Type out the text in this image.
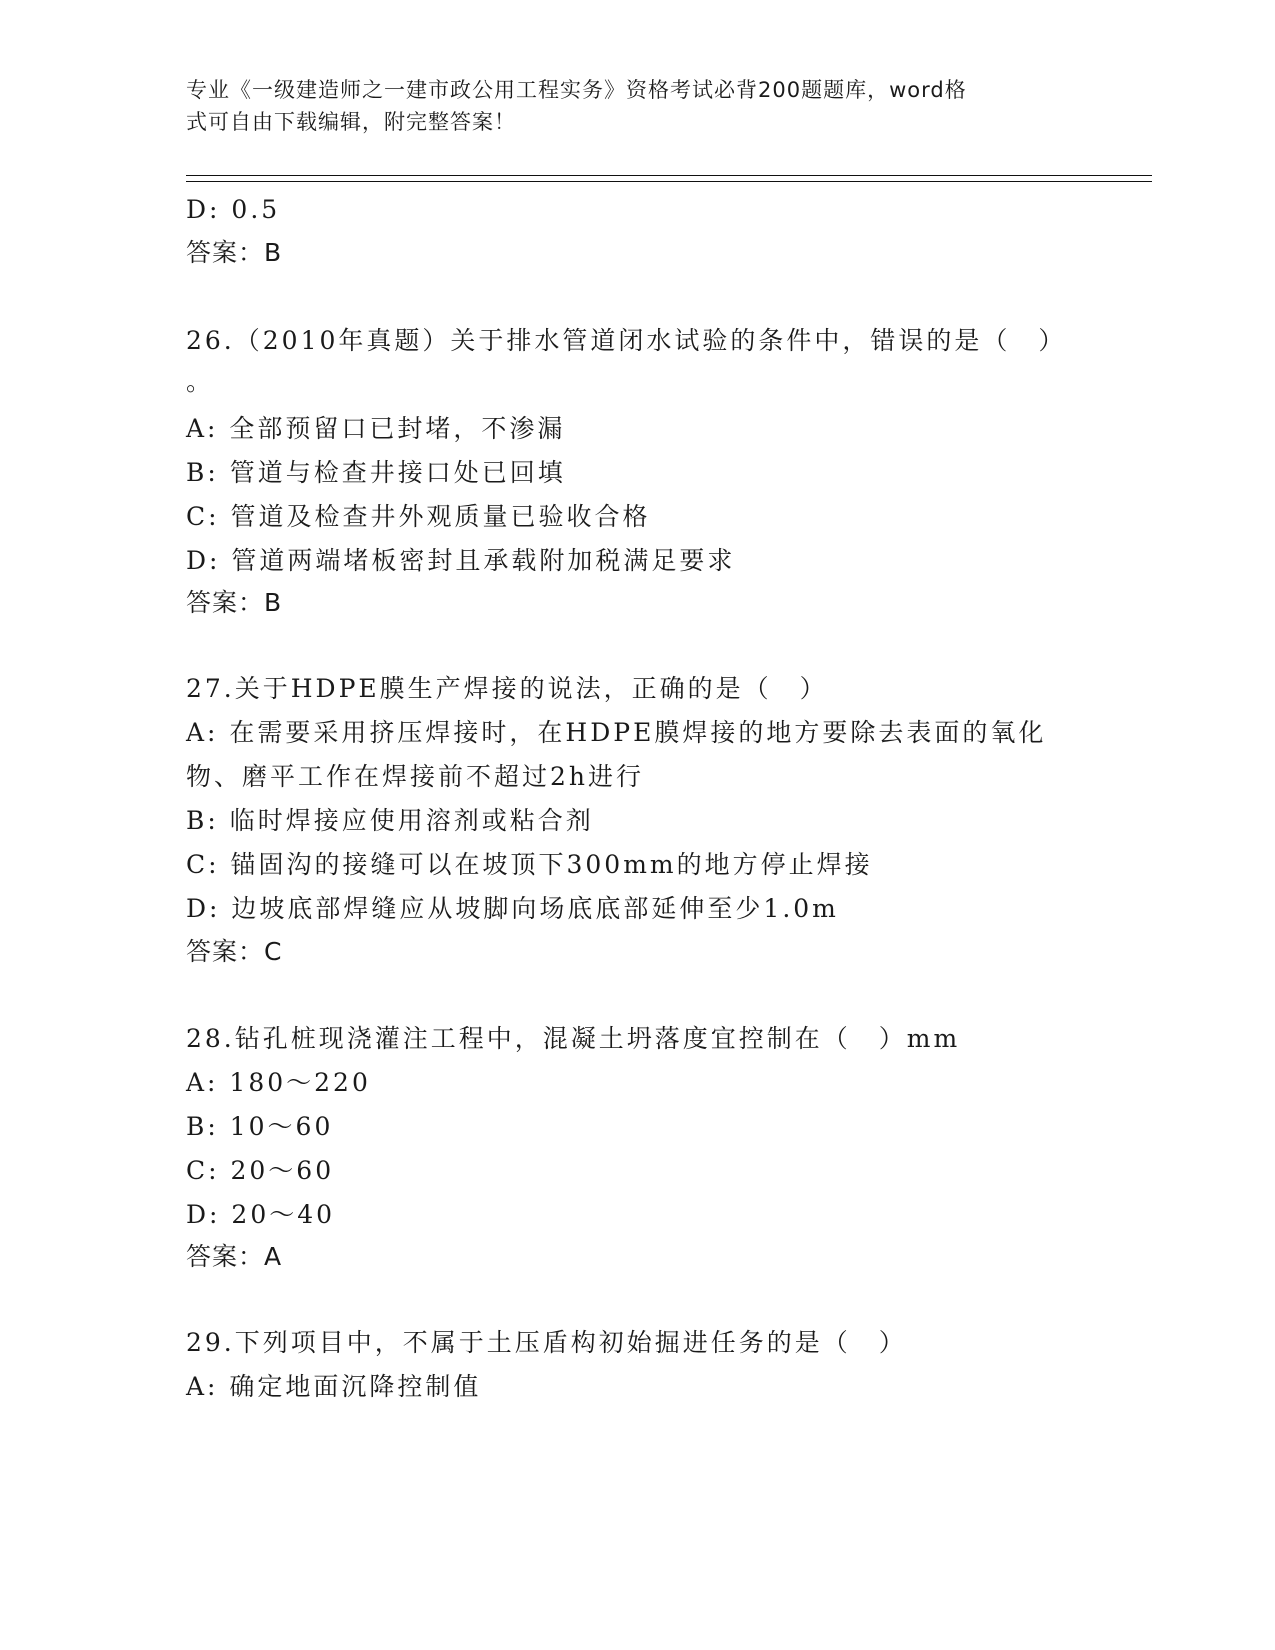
专业《一级建造师之一建市政公用工程实务》资格考试必背200题题库，word格
式可自由下载编辑，附完整答案！
D: 0.5
答案：B
26.（2010年真题）关于排水管道闭水试验的条件中，错误的是（　）
。
A: 全部预留口已封堵，不渗漏
B: 管道与检查井接口处已回填
C: 管道及检查井外观质量已验收合格
D: 管道两端堵板密封且承载附加税满足要求
答案：B
27.关于HDPE膜生产焊接的说法，正确的是（　）
A: 在需要采用挤压焊接时，在HDPE膜焊接的地方要除去表面的氧化
物、磨平工作在焊接前不超过2h进行
B: 临时焊接应使用溶剂或粘合剂
C: 锚固沟的接缝可以在坡顶下300mm的地方停止焊接
D: 边坡底部焊缝应从坡脚向场底底部延伸至少1.0m
答案：C
28.钻孔桩现浇灌注工程中，混凝土坍落度宜控制在（　）mm
A: 180～220
B: 10～60
C: 20～60
D: 20～40
答案：A
29.下列项目中，不属于土压盾构初始掘进任务的是（　）
A: 确定地面沉降控制值
